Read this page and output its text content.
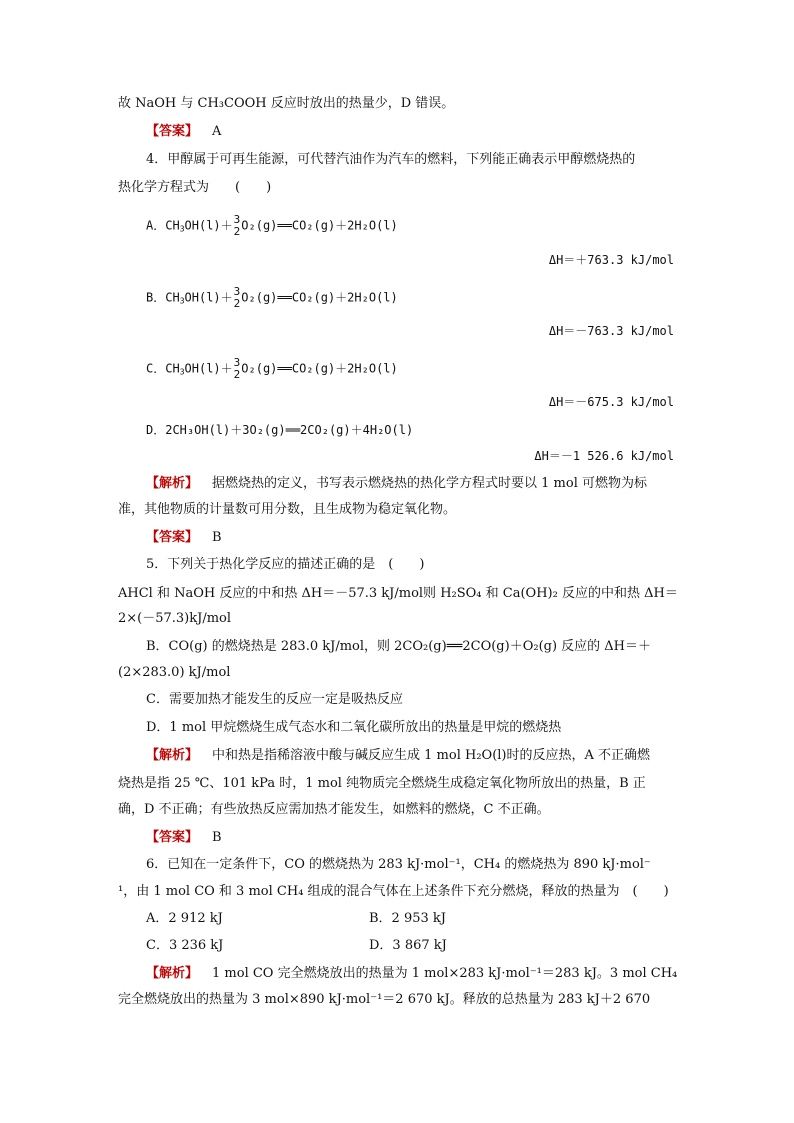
故 NaOH 与 CH₃COOH 反应时放出的热量少，D 错误。
【答案】 A
4．甲醇属于可再生能源，可代替汽油作为汽车的燃料，下列能正确表示甲醇燃烧热的
热化学方程式为　　(　　)
A．$CH_3OH(l)+ 3$
2 O₂(g)══CO₂(g)＋2H₂O(l)
ΔH＝＋763.3 kJ/mol
B．$CH_3OH(l)+ 3$
2 O₂(g)══CO₂(g)＋2H₂O(l)
ΔH＝－763.3 kJ/mol
C．$CH_3OH(l)+ 3$
2 O₂(g)══CO₂(g)＋2H₂O(l)
ΔH＝－675.3 kJ/mol
D．2CH₃OH(l)＋3O₂(g)══2CO₂(g)＋4H₂O(l)
ΔH＝－1 526.6 kJ/mol
【解析】 据燃烧热的定义，书写表示燃烧热的热化学方程式时要以 1 mol 可燃物为标
准，其他物质的计量数可用分数，且生成物为稳定氧化物。
【答案】 B
5．下列关于热化学反应的描述正确的是　(　　)
AHCl 和 NaOH 反应的中和热 ΔH＝－57.3 kJ/mol则 H₂SO₄ 和 Ca(OH)₂ 反应的中和热 ΔH＝
2×(－57.3)kJ/mol
B．CO(g) 的燃烧热是 283.0 kJ/mol，则 2CO₂(g)══2CO(g)＋O₂(g) 反应的 ΔH＝＋
(2×283.0) kJ/mol
C．需要加热才能发生的反应一定是吸热反应
D．1 mol 甲烷燃烧生成气态水和二氧化碳所放出的热量是甲烷的燃烧热
【解析】 中和热是指稀溶液中酸与碱反应生成 1 mol H₂O(l)时的反应热，A 不正确燃
烧热是指 25 ℃、101 kPa 时，1 mol 纯物质完全燃烧生成稳定氧化物所放出的热量，B 正
确，D 不正确；有些放热反应需加热才能发生，如燃料的燃烧，C 不正确。
【答案】 B
6．已知在一定条件下，CO 的燃烧热为 283 kJ·mol⁻¹，CH₄ 的燃烧热为 890 kJ·mol⁻
¹，由 1 mol CO 和 3 mol CH₄ 组成的混合气体在上述条件下充分燃烧，释放的热量为　(　　)
A．2 912 kJ	B．2 953 kJ
C．3 236 kJ	D．3 867 kJ
【解析】 1 mol CO 完全燃烧放出的热量为 1 mol×283 kJ·mol⁻¹＝283 kJ。3 mol CH₄
完全燃烧放出的热量为 3 mol×890 kJ·mol⁻¹＝2 670 kJ。释放的总热量为 283 kJ＋2 670
